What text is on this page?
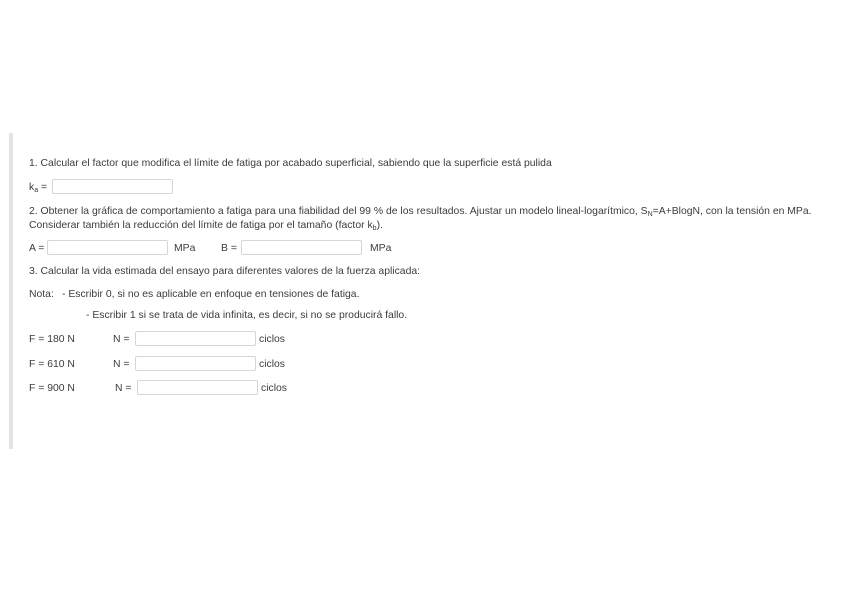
1. Calcular el factor que modifica el límite de fatiga por acabado superficial, sabiendo que la superficie está pulida
$k_a$ =
2. Obtener la gráfica de comportamiento a fatiga para una fiabilidad del 99 % de los resultados. Ajustar un modelo lineal-logarítmico, $S_N=A+BlogN$, con la tensión en MPa.
Considerar también la reducción del límite de fatiga por el tamaño (factor $k_b$).
A =	MPa B =	MPa
3. Calcular la vida estimada del ensayo para diferentes valores de la fuerza aplicada:
Nota: - Escribir 0, si no es aplicable en enfoque en tensiones de fatiga.
- Escribir 1 si se trata de vida infinita, es decir, si no se producirá fallo.
F = 180 N	N =	ciclos
F = 610 N	N =	ciclos
F = 900 N	N =	ciclos
